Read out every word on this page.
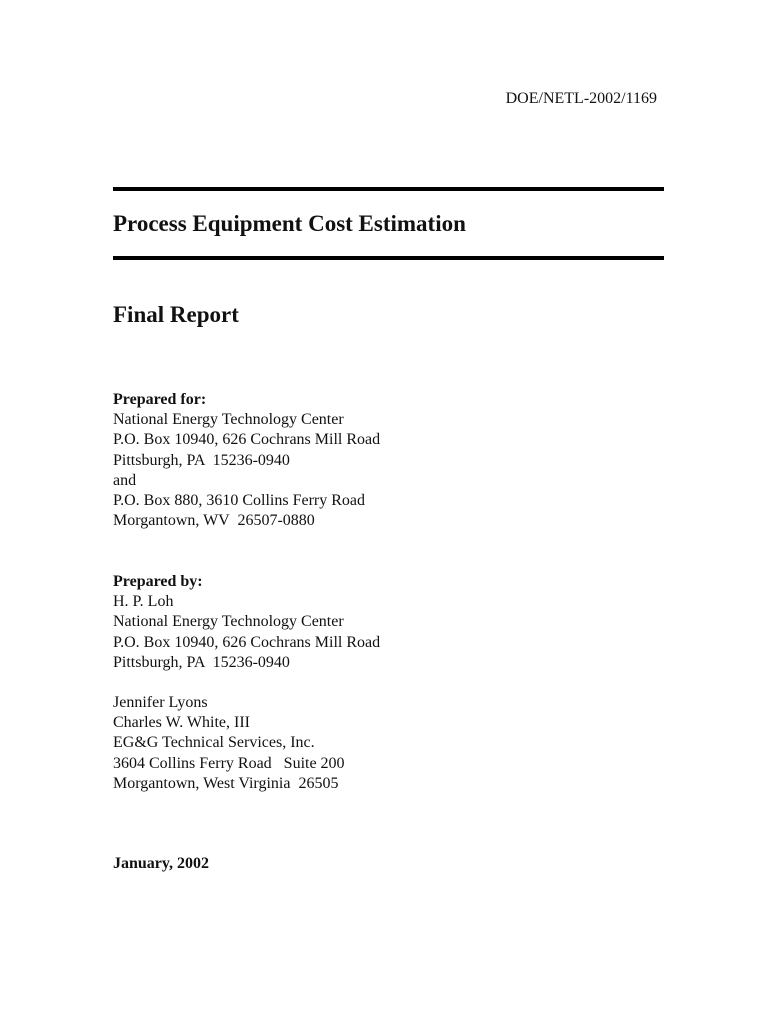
DOE/NETL-2002/1169
Process Equipment Cost Estimation
Final Report
Prepared for:
National Energy Technology Center
P.O. Box 10940, 626 Cochrans Mill Road
Pittsburgh, PA  15236-0940
and
P.O. Box 880, 3610 Collins Ferry Road
Morgantown, WV  26507-0880
Prepared by:
H. P. Loh
National Energy Technology Center
P.O. Box 10940, 626 Cochrans Mill Road
Pittsburgh, PA  15236-0940
Jennifer Lyons
Charles W. White, III
EG&G Technical Services, Inc.
3604 Collins Ferry Road   Suite 200
Morgantown, West Virginia  26505
January, 2002
